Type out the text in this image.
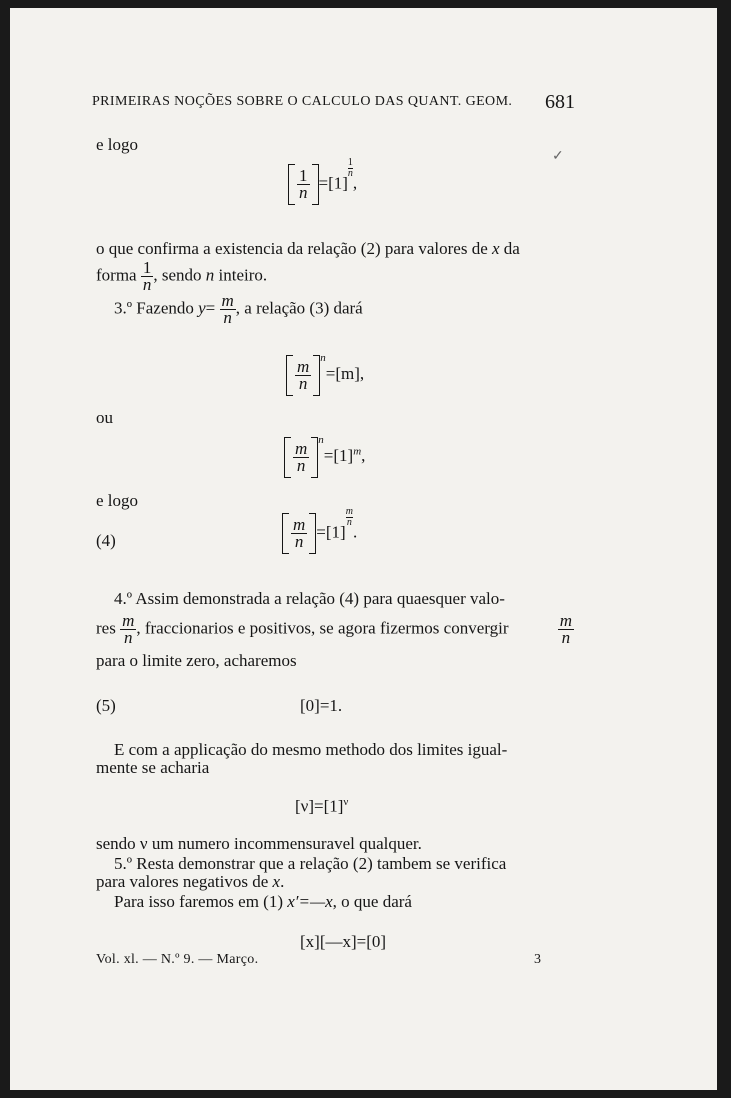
PRIMEIRAS NOÇÕES SOBRE O CALCULO DAS QUANT. GEOM. 681
e logo
✓
$\frac{1}{n} =[1]$
$\frac{1}{n}$
,
o que confirma a existencia da relação (2) para valores de x da
forma $\frac{1}{n}$ , sendo n inteiro.
3.º Fazendo $y= \frac{m}{n}$ , a relação (3) dará
$\frac{m}{n}$
$^n$=[m],
ou
$\frac{m}{n}$
$^n=[1]^m$,
e logo
(4)	$\frac{m}{n} =[1]$
$\frac{m}{n}$
.
4.º Assim demonstrada a relação (4) para quaesquer valo-
res $\frac{m}{n}$ , fraccionarios e positivos, se agora fizermos convergir	$\frac{m}{n}$
para o limite zero, acharemos
(5)	[0]=1.
E com a applicação do mesmo methodo dos limites igual-
mente se acharia
$[\nu]=[1]^\nu$
sendo ν um numero incommensuravel qualquer.
5.º Resta demonstrar que a relação (2) tambem se verifica
para valores negativos de x.
Para isso faremos em (1) x′=—x, o que dará
[x][—x]=[0]
Vol. xl. — N.º 9. — Março.	3
